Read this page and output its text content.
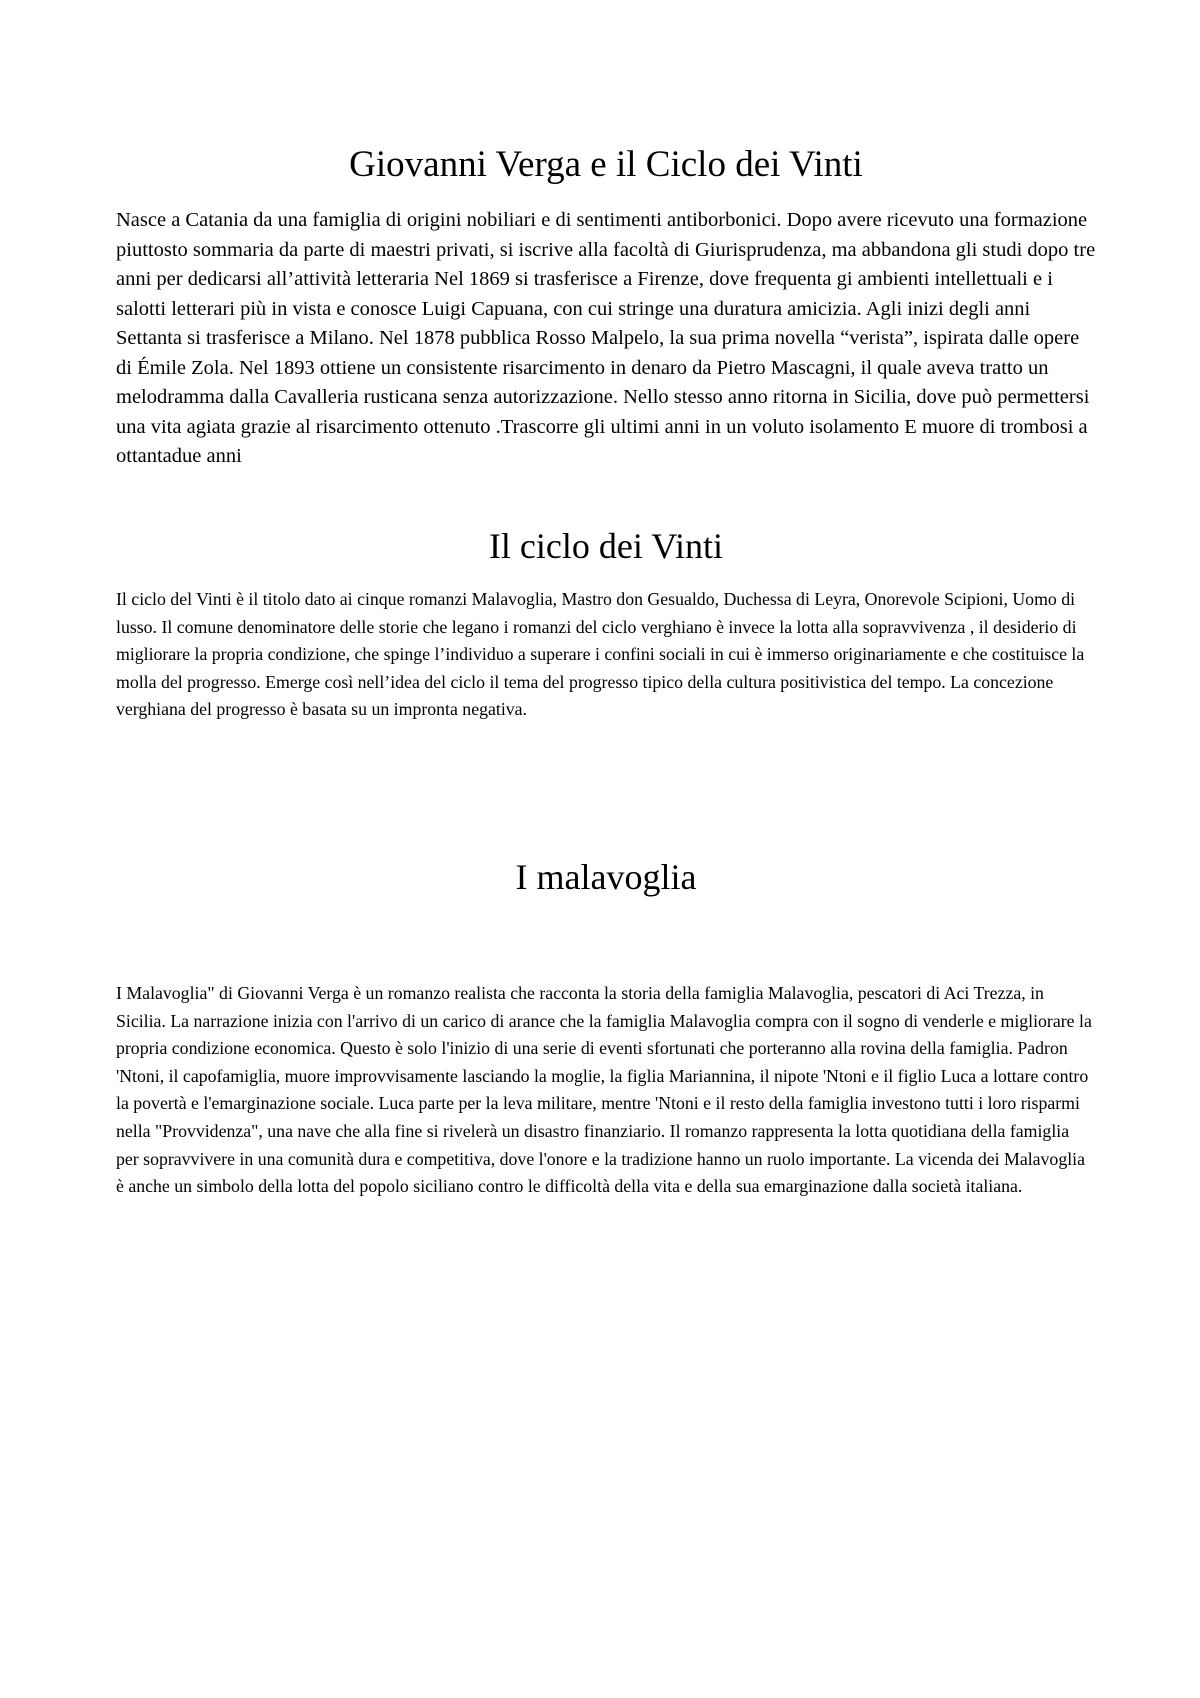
Giovanni Verga e il Ciclo dei Vinti

Nasce a Catania da una famiglia di origini nobiliari e di sentimenti antiborbonici. Dopo avere ricevuto una formazione piuttosto sommaria da parte di maestri privati, si iscrive alla facoltà di Giurisprudenza, ma abbandona gli studi dopo tre anni per dedicarsi all’attività letteraria Nel 1869 si trasferisce a Firenze, dove frequenta gi ambienti intellettuali e i salotti letterari più in vista e conosce Luigi Capuana, con cui stringe una duratura amicizia. Agli inizi degli anni Settanta si trasferisce a Milano. Nel 1878 pubblica Rosso Malpelo, la sua prima novella “verista”, ispirata dalle opere di Émile Zola. Nel 1893 ottiene un consistente risarcimento in denaro da Pietro Mascagni, il quale aveva tratto un melodramma dalla Cavalleria rusticana senza autorizzazione. Nello stesso anno ritorna in Sicilia, dove può permettersi una vita agiata grazie al risarcimento ottenuto .Trascorre gli ultimi anni in un voluto isolamento E muore di trombosi a ottantadue anni

Il ciclo dei Vinti

Il ciclo del Vinti è il titolo dato ai cinque romanzi Malavoglia, Mastro don Gesualdo, Duchessa di Leyra, Onorevole Scipioni, Uomo di lusso. Il comune denominatore delle storie che legano i romanzi del ciclo verghiano è invece la lotta alla sopravvivenza , il desiderio di migliorare la propria condizione, che spinge l’individuo a superare i confini sociali in cui è immerso originariamente e che costituisce la molla del progresso. Emerge così nell’idea del ciclo il tema del progresso tipico della cultura positivistica del tempo. La concezione verghiana del progresso è basata su un impronta negativa.

I malavoglia

I Malavoglia" di Giovanni Verga è un romanzo realista che racconta la storia della famiglia Malavoglia, pescatori di Aci Trezza, in Sicilia. La narrazione inizia con l'arrivo di un carico di arance che la famiglia Malavoglia compra con il sogno di venderle e migliorare la propria condizione economica. Questo è solo l'inizio di una serie di eventi sfortunati che porteranno alla rovina della famiglia. Padron 'Ntoni, il capofamiglia, muore improvvisamente lasciando la moglie, la figlia Mariannina, il nipote 'Ntoni e il figlio Luca a lottare contro la povertà e l'emarginazione sociale. Luca parte per la leva militare, mentre 'Ntoni e il resto della famiglia investono tutti i loro risparmi nella "Provvidenza", una nave che alla fine si rivelerà un disastro finanziario. Il romanzo rappresenta la lotta quotidiana della famiglia per sopravvivere in una comunità dura e competitiva, dove l'onore e la tradizione hanno un ruolo importante. La vicenda dei Malavoglia è anche un simbolo della lotta del popolo siciliano contro le difficoltà della vita e della sua emarginazione dalla società italiana.
